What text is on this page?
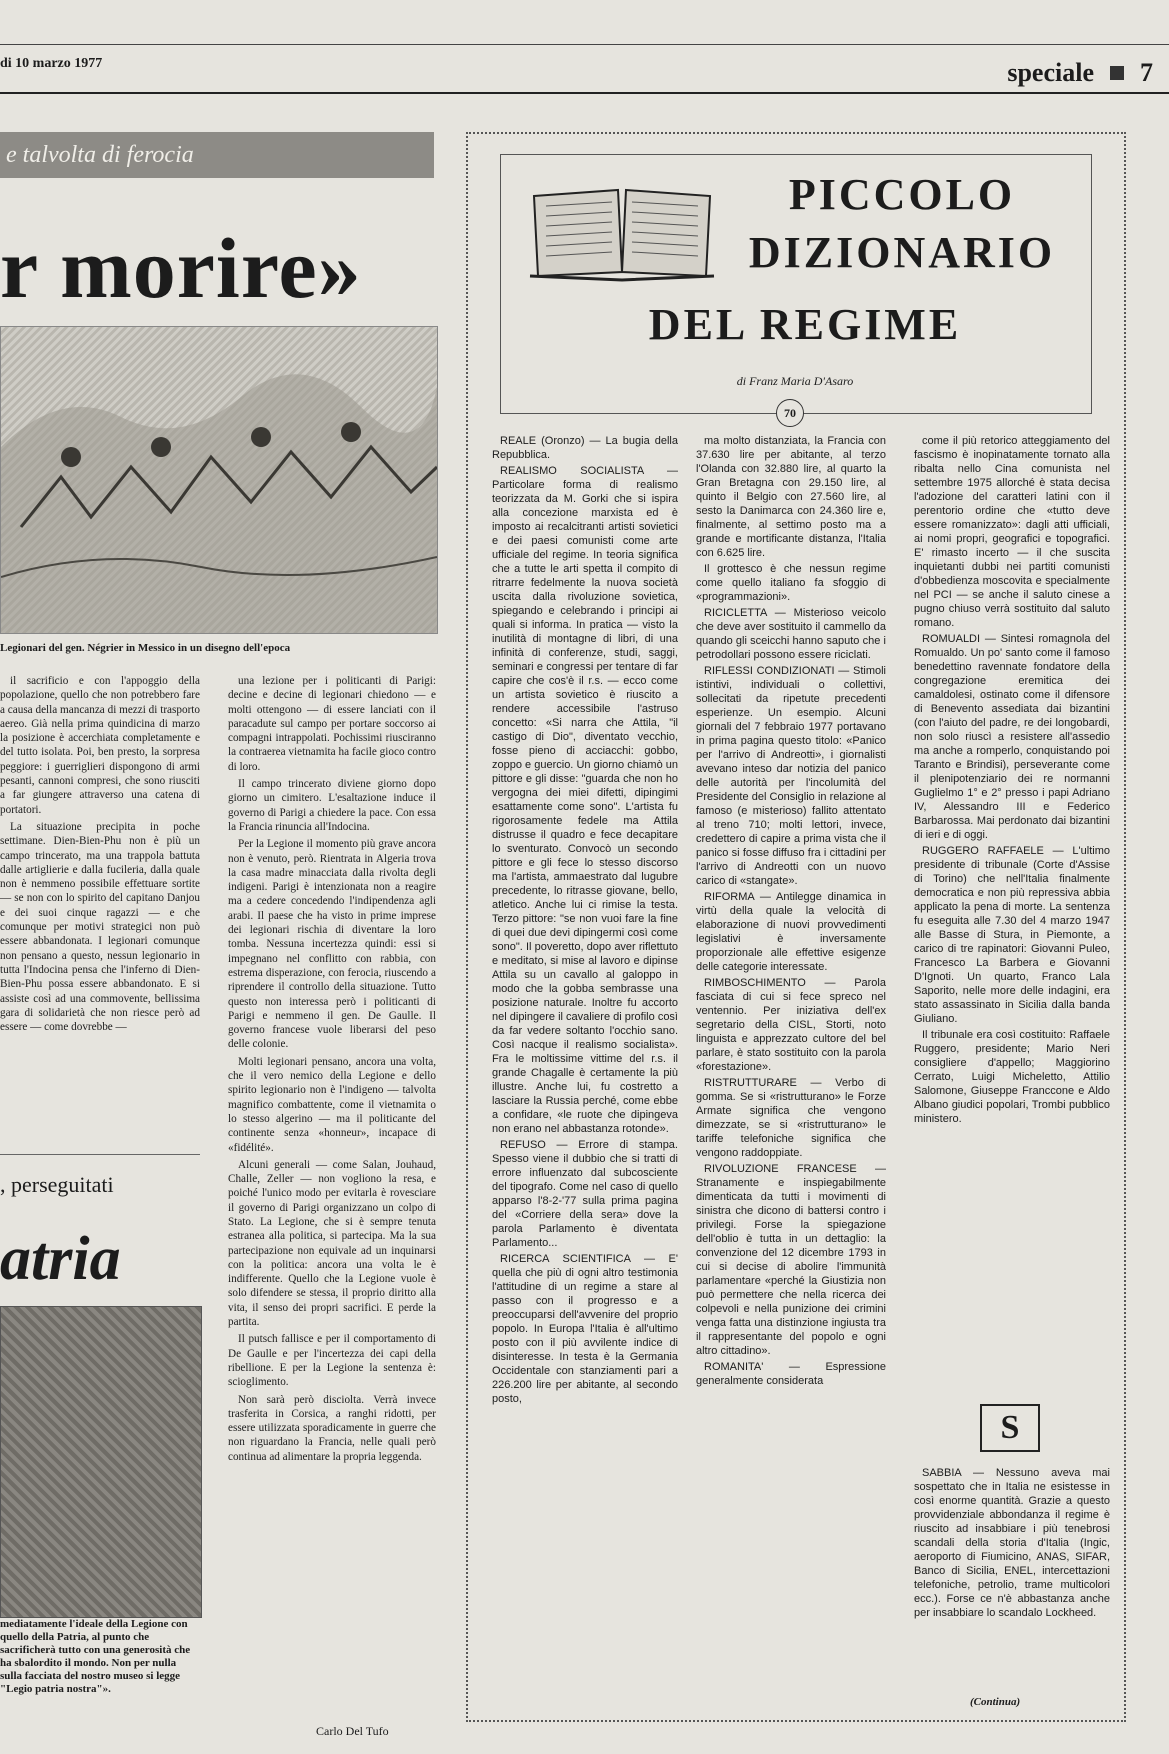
di 10 marzo 1977	speciale 7
e talvolta di ferocia
r morire»
Legionari del gen. Négrier in Messico in un disegno dell'epoca

il sacrificio e con l'appoggio della popolazione, quello che non potrebbero fare a causa della mancanza di mezzi di trasporto aereo. Già nella prima quindicina di marzo la posizione è accerchiata completamente e del tutto isolata. Poi, ben presto, la sorpresa peggiore: i guerriglieri dispongono di armi pesanti, cannoni compresi, che sono riusciti a far giungere attraverso una catena di portatori.

La situazione precipita in poche settimane. Dien-Bien-Phu non è più un campo trincerato, ma una trappola battuta dalle artiglierie e dalla fucileria, dalla quale non è nemmeno possibile effettuare sortite — se non con lo spirito del capitano Danjou e dei suoi cinque ragazzi — e che comunque per motivi strategici non può essere abbandonata. I legionari comunque non pensano a questo, nessun legionario in tutta l'Indocina pensa che l'inferno di Dien-Bien-Phu possa essere abbandonato. E si assiste così ad una commovente, bellissima gara di solidarietà che non riesce però ad essere — come dovrebbe —

una lezione per i politicanti di Parigi: decine e decine di legionari chiedono — e molti ottengono — di essere lanciati con il paracadute sul campo per portare soccorso ai compagni intrappolati. Pochissimi riusciranno la contraerea vietnamita ha facile gioco contro di loro.

Il campo trincerato diviene giorno dopo giorno un cimitero. L'esaltazione induce il governo di Parigi a chiedere la pace. Con essa la Francia rinuncia all'Indocina.

Per la Legione il momento più grave ancora non è venuto, però. Rientrata in Algeria trova la casa madre minacciata dalla rivolta degli indigeni. Parigi è intenzionata non a reagire ma a cedere concedendo l'indipendenza agli arabi. Il paese che ha visto in prime imprese dei legionari rischia di diventare la loro tomba. Nessuna incertezza quindi: essi si impegnano nel conflitto con rabbia, con estrema disperazione, con ferocia, riuscendo a riprendere il controllo della situazione. Tutto questo non interessa però i politicanti di Parigi e nemmeno il gen. De Gaulle. Il governo francese vuole liberarsi del peso delle colonie.

Molti legionari pensano, ancora una volta, che il vero nemico della Legione e dello spirito legionario non è l'indigeno — talvolta magnifico combattente, come il vietnamita o lo stesso algerino — ma il politicante del continente senza «honneur», incapace di «fidélité».

Alcuni generali — come Salan, Jouhaud, Challe, Zeller — non vogliono la resa, e poiché l'unico modo per evitarla è rovesciare il governo di Parigi organizzano un colpo di Stato. La Legione, che si è sempre tenuta estranea alla politica, si partecipa. Ma la sua partecipazione non equivale ad un inquinarsi con la politica: ancora una volta le è indifferente. Quello che la Legione vuole è solo difendere se stessa, il proprio diritto alla vita, il senso dei propri sacrifici. E perde la partita.

Il putsch fallisce e per il comportamento di De Gaulle e per l'incertezza dei capi della ribellione. E per la Legione la sentenza è: scioglimento.

Non sarà però disciolta. Verrà invece trasferita in Corsica, a ranghi ridotti, per essere utilizzata sporadicamente in guerre che non riguardano la Francia, nelle quali però continua ad alimentare la propria leggenda.

Carlo Del Tufo
, perseguitati
atria
mediatamente l'ideale della Legione con quello della Patria, al punto che sacrificherà tutto con una generosità che ha sbalordito il mondo. Non per nulla sulla facciata del nostro museo si legge "Legio patria nostra"».
PICCOLO
DIZIONARIO
DEL REGIME
di Franz Maria D'Asaro
70

REALE (Oronzo) — La bugia della Repubblica.

REALISMO SOCIALISTA — Particolare forma di realismo teorizzata da M. Gorki che si ispira alla concezione marxista ed è imposto ai recalcitranti artisti sovietici e dei paesi comunisti come arte ufficiale del regime. In teoria significa che a tutte le arti spetta il compito di ritrarre fedelmente la nuova società uscita dalla rivoluzione sovietica, spiegando e celebrando i principi ai quali si informa. In pratica — visto la inutilità di montagne di libri, di una infinità di conferenze, studi, saggi, seminari e congressi per tentare di far capire che cos'è il r.s. — ecco come un artista sovietico è riuscito a rendere accessibile l'astruso concetto: «Si narra che Attila, "il castigo di Dio", diventato vecchio, fosse pieno di acciacchi: gobbo, zoppo e guercio. Un giorno chiamò un pittore e gli disse: "guarda che non ho vergogna dei miei difetti, dipingimi esattamente come sono". L'artista fu rigorosamente fedele ma Attila distrusse il quadro e fece decapitare lo sventurato. Convocò un secondo pittore e gli fece lo stesso discorso ma l'artista, ammaestrato dal lugubre precedente, lo ritrasse giovane, bello, atletico. Anche lui ci rimise la testa. Terzo pittore: "se non vuoi fare la fine di quei due devi dipingermi così come sono". Il poveretto, dopo aver riflettuto e meditato, si mise al lavoro e dipinse Attila su un cavallo al galoppo in modo che la gobba sembrasse una posizione naturale. Inoltre fu accorto nel dipingere il cavaliere di profilo così da far vedere soltanto l'occhio sano. Così nacque il realismo socialista». Fra le moltissime vittime del r.s. il grande Chagalle è certamente la più illustre. Anche lui, fu costretto a lasciare la Russia perché, come ebbe a confidare, «le ruote che dipingeva non erano nel abbastanza rotonde».

REFUSO — Errore di stampa. Spesso viene il dubbio che si tratti di errore influenzato dal subcosciente del tipografo. Come nel caso di quello apparso l'8-2-'77 sulla prima pagina del «Corriere della sera» dove la parola Parlamento è diventata Parlamento...

RICERCA SCIENTIFICA — E' quella che più di ogni altro testimonia l'attitudine di un regime a stare al passo con il progresso e a preoccuparsi dell'avvenire del proprio popolo. In Europa l'Italia è all'ultimo posto con il più avvilente indice di disinteresse. In testa è la Germania Occidentale con stanziamenti pari a 226.200 lire per abitante, al secondo posto,

ma molto distanziata, la Francia con 37.630 lire per abitante, al terzo l'Olanda con 32.880 lire, al quarto la Gran Bretagna con 29.150 lire, al quinto il Belgio con 27.560 lire, al sesto la Danimarca con 24.360 lire e, finalmente, al settimo posto ma a grande e mortificante distanza, l'Italia con 6.625 lire.

Il grottesco è che nessun regime come quello italiano fa sfoggio di «programmazioni».

RICICLETTA — Misterioso veicolo che deve aver sostituito il cammello da quando gli sceicchi hanno saputo che i petrodollari possono essere riciclati.

RIFLESSI CONDIZIONATI — Stimoli istintivi, individuali o collettivi, sollecitati da ripetute precedenti esperienze. Un esempio. Alcuni giornali del 7 febbraio 1977 portavano in prima pagina questo titolo: «Panico per l'arrivo di Andreotti», i giornalisti avevano inteso dar notizia del panico delle autorità per l'incolumità del Presidente del Consiglio in relazione al famoso (e misterioso) fallito attentato al treno 710; molti lettori, invece, credettero di capire a prima vista che il panico si fosse diffuso fra i cittadini per l'arrivo di Andreotti con un nuovo carico di «stangate».

RIFORMA — Antilegge dinamica in virtù della quale la velocità di elaborazione di nuovi provvedimenti legislativi è inversamente proporzionale alle effettive esigenze delle categorie interessate.

RIMBOSCHIMENTO — Parola fasciata di cui si fece spreco nel ventennio. Per iniziativa dell'ex segretario della CISL, Storti, noto linguista e apprezzato cultore del bel parlare, è stato sostituito con la parola «forestazione».

RISTRUTTURARE — Verbo di gomma. Se si «ristrutturano» le Forze Armate significa che vengono dimezzate, se si «ristrutturano» le tariffe telefoniche significa che vengono raddoppiate.

RIVOLUZIONE FRANCESE — Stranamente e inspiegabilmente dimenticata da tutti i movimenti di sinistra che dicono di battersi contro i privilegi. Forse la spiegazione dell'oblio è tutta in un dettaglio: la convenzione del 12 dicembre 1793 in cui si decise di abolire l'immunità parlamentare «perché la Giustizia non può permettere che nella ricerca dei colpevoli e nella punizione dei crimini venga fatta una distinzione ingiusta tra il rappresentante del popolo e ogni altro cittadino».

ROMANITA' — Espressione generalmente considerata

come il più retorico atteggiamento del fascismo è inopinatamente tornato alla ribalta nello Cina comunista nel settembre 1975 allorché è stata decisa l'adozione del caratteri latini con il perentorio ordine che «tutto deve essere romanizzato»: dagli atti ufficiali, ai nomi propri, geografici e topografici. E' rimasto incerto — il che suscita inquietanti dubbi nei partiti comunisti d'obbedienza moscovita e specialmente nel PCI — se anche il saluto cinese a pugno chiuso verrà sostituito dal saluto romano.

ROMUALDI — Sintesi romagnola del Romualdo. Un po' santo come il famoso benedettino ravennate fondatore della congregazione eremitica dei camaldolesi, ostinato come il difensore di Benevento assediata dai bizantini (con l'aiuto del padre, re dei longobardi, non solo riuscì a resistere all'assedio ma anche a romperlo, conquistando poi Taranto e Brindisi), perseverante come il plenipotenziario dei re normanni Guglielmo 1° e 2° presso i papi Adriano IV, Alessandro III e Federico Barbarossa. Mai perdonato dai bizantini di ieri e di oggi.

RUGGERO RAFFAELE — L'ultimo presidente di tribunale (Corte d'Assise di Torino) che nell'Italia finalmente democratica e non più repressiva abbia applicato la pena di morte. La sentenza fu eseguita alle 7.30 del 4 marzo 1947 alle Basse di Stura, in Piemonte, a carico di tre rapinatori: Giovanni Puleo, Francesco La Barbera e Giovanni D'Ignoti. Un quarto, Franco Lala Saporito, nelle more delle indagini, era stato assassinato in Sicilia dalla banda Giuliano.

Il tribunale era così costituito: Raffaele Ruggero, presidente; Mario Neri consigliere d'appello; Maggiorino Cerrato, Luigi Micheletto, Attilio Salomone, Giuseppe Franccone e Aldo Albano giudici popolari, Trombi pubblico ministero.

S

SABBIA — Nessuno aveva mai sospettato che in Italia ne esistesse in così enorme quantità. Grazie a questo provvidenziale abbondanza il regime è riuscito ad insabbiare i più tenebrosi scandali della storia d'Italia (Ingic, aeroporto di Fiumicino, ANAS, SIFAR, Banco di Sicilia, ENEL, intercettazioni telefoniche, petrolio, trame multicolori ecc.). Forse ce n'è abbastanza anche per insabbiare lo scandalo Lockheed.

(Continua)
